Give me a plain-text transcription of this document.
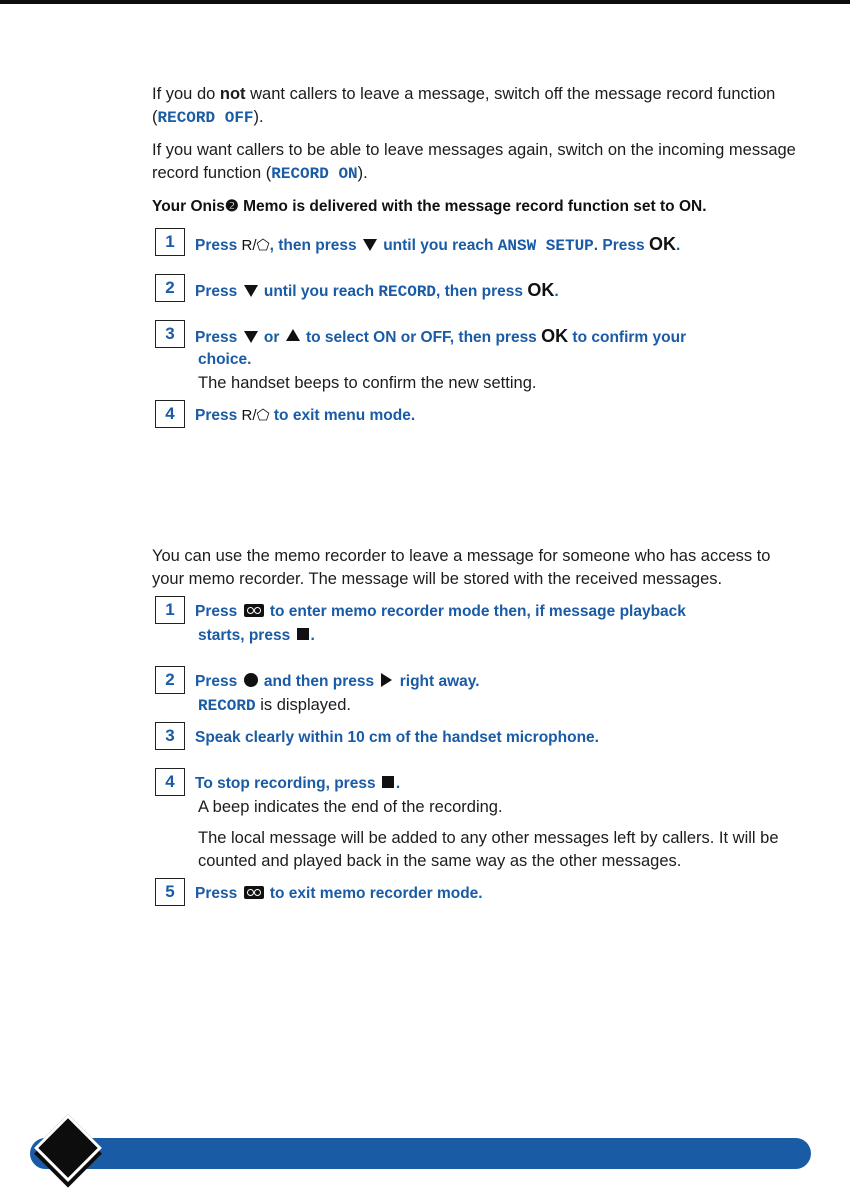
If you do not want callers to leave a message, switch off the message record function (RECORD OFF).
If you want callers to be able to leave messages again, switch on the incoming message record function (RECORD ON).
Your Onis❷ Memo is delivered with the message record function set to ON.
1	Press R/⬠, then press  until you reach ANSW SETUP. Press OK.
2	Press  until you reach RECORD, then press OK.
3	Press  or  to select ON or OFF, then press OK to confirm your
choice.
The handset beeps to confirm the new setting.
4	Press R/⬠ to exit menu mode.
You can use the memo recorder to leave a message for someone who has access to your memo recorder. The message will be stored with the received messages.
1	Press  to enter memo recorder mode then, if message playback
starts, press .
2	Press  and then press  right away.
RECORD is displayed.
3	Speak clearly within 10 cm of the handset microphone.
4	To stop recording, press .
A beep indicates the end of the recording.
The local message will be added to any other messages left by callers. It will be counted and played back in the same way as the other messages.
5	Press  to exit memo recorder mode.
